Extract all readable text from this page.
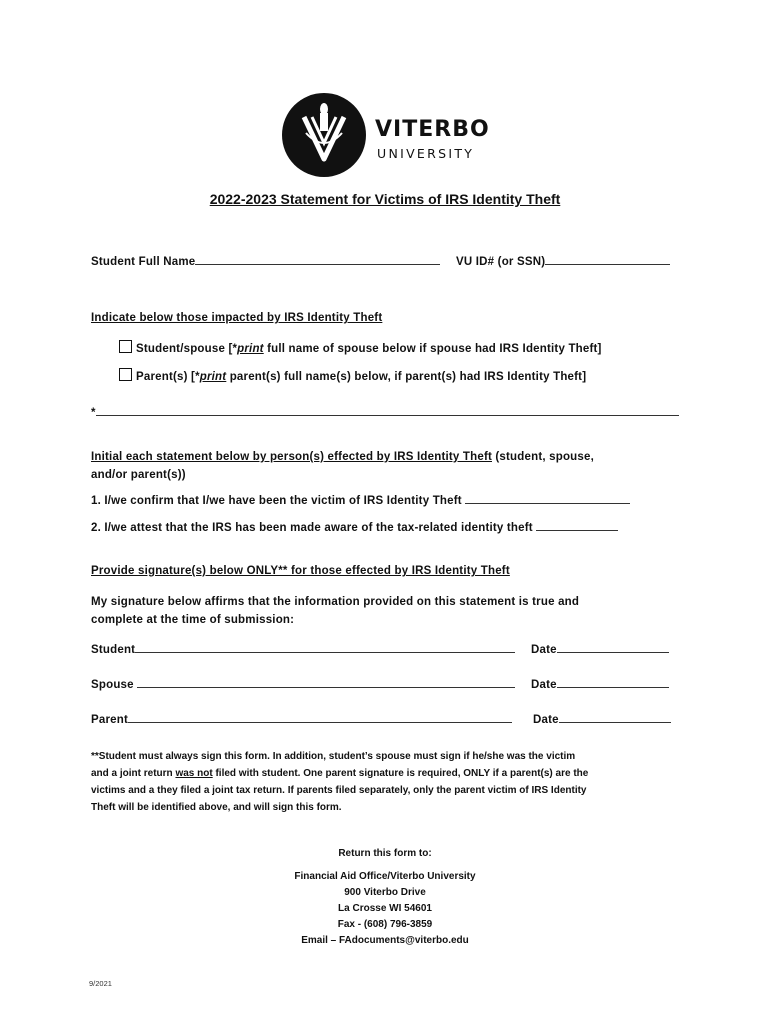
VITERBO
UNIVERSITY
2022-2023 Statement for Victims of IRS Identity Theft
Student Full Name	VU ID# (or SSN)
Indicate below those impacted by IRS Identity Theft
Student/spouse [*print full name of spouse below if spouse had IRS Identity Theft]
Parent(s) [*print parent(s) full name(s) below, if parent(s) had IRS Identity Theft]
*
Initial each statement below by person(s) effected by IRS Identity Theft (student, spouse,
and/or parent(s))
1. I/we confirm that I/we have been the victim of IRS Identity Theft
2. I/we attest that the IRS has been made aware of the tax-related identity theft
Provide signature(s) below ONLY** for those effected by IRS Identity Theft
My signature below affirms that the information provided on this statement is true and
complete at the time of submission:
Student	Date
Spouse	Date
Parent	Date
**Student must always sign this form. In addition, student’s spouse must sign if he/she was the victim
and a joint return was not filed with student. One parent signature is required, ONLY if a parent(s) are the
victims and a they filed a joint tax return. If parents filed separately, only the parent victim of IRS Identity
Theft will be identified above, and will sign this form.
Return this form to:
Financial Aid Office/Viterbo University
900 Viterbo Drive
La Crosse WI 54601
Fax - (608) 796-3859
Email – FAdocuments@viterbo.edu
9/2021
